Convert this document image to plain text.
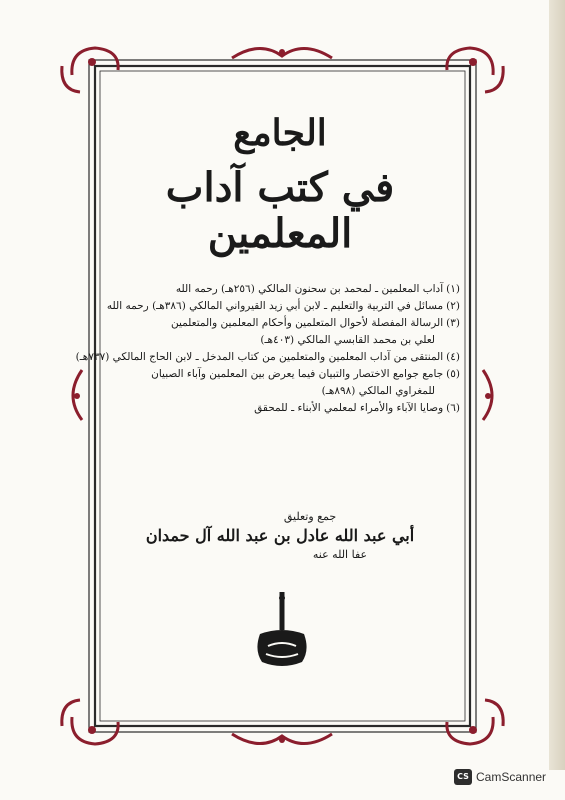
الجامع
في كتب آداب المعلمين
(١)آداب المعلمين ـ لمحمد بن سحنون المالكي (٢٥٦هـ) رحمه الله
(٢)مسائل في التربية والتعليم ـ لابن أبي زيد القيرواني المالكي (٣٨٦هـ) رحمه الله
(٣)الرسالة المفصلة لأحوال المتعلمين وأحكام المعلمين والمتعلمين
لعلي بن محمد القابسي المالكي (٤٠٣هـ)
(٤)المنتقى من آداب المعلمين والمتعلمين من كتاب المدخل ـ لابن الحاج المالكي (٧٣٧هـ)
(٥)جامع جوامع الاختصار والتبيان فيما يعرض بين المعلمين وآباء الصبيان
للمغراوي المالكي (٨٩٨هـ)
(٦)وصايا الآباء والأمراء لمعلمي الأبناء ـ للمحقق
جمع وتعليق
أبي عبد الله عادل بن عبد الله آل حمدان
عفا الله عنه
CS CamScanner
